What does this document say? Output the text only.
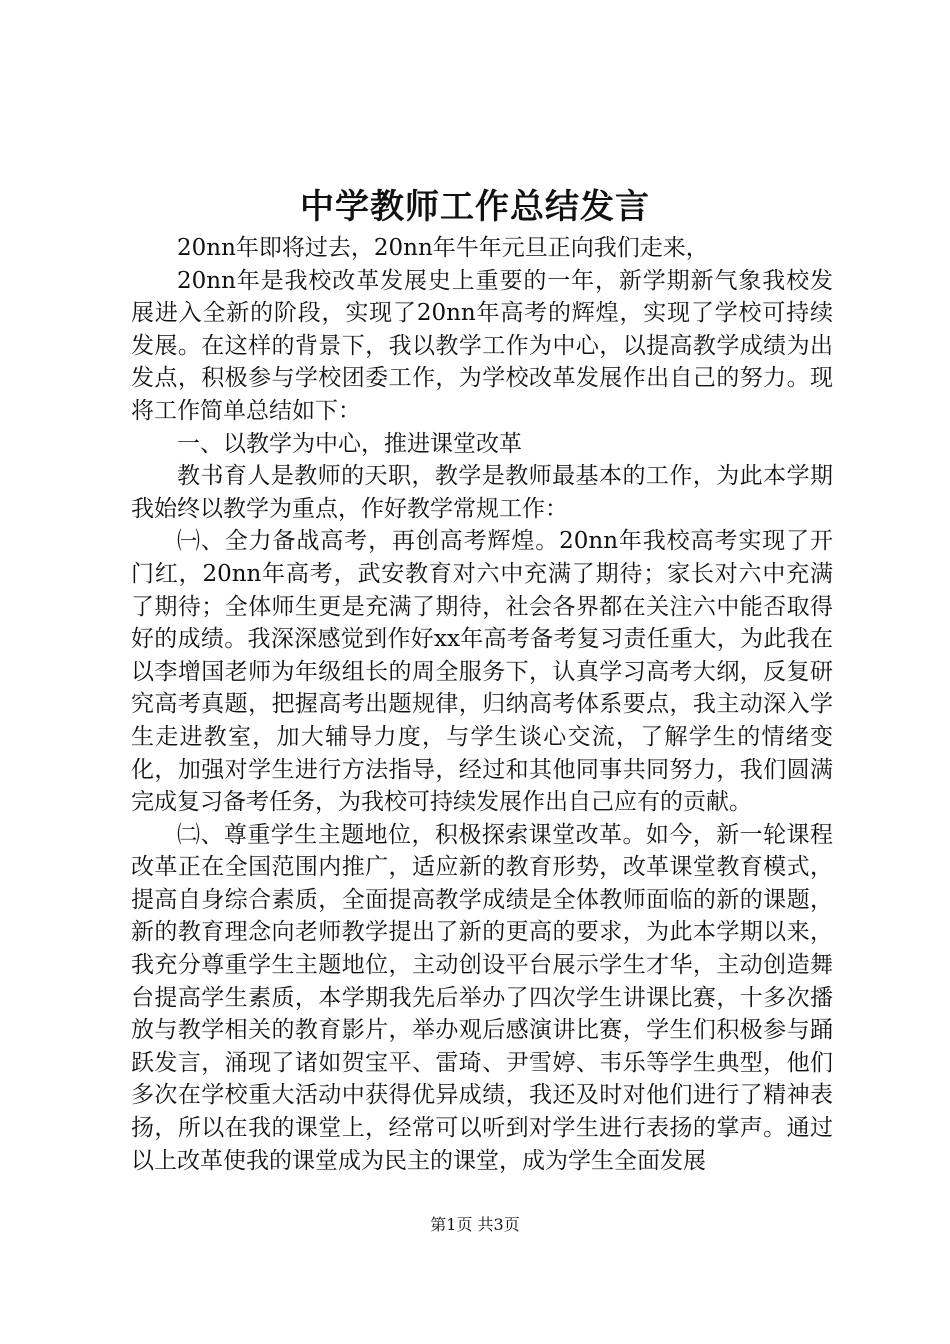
中学教师工作总结发言

20nn年即将过去，20nn年牛年元旦正向我们走来，

20nn年是我校改革发展史上重要的一年，新学期新气象我校发展进入全新的阶段，实现了20nn年高考的辉煌，实现了学校可持续发展。在这样的背景下，我以教学工作为中心，以提高教学成绩为出发点，积极参与学校团委工作，为学校改革发展作出自己的努力。现将工作简单总结如下：

一、以教学为中心，推进课堂改革

教书育人是教师的天职，教学是教师最基本的工作，为此本学期我始终以教学为重点，作好教学常规工作：

㈠、全力备战高考，再创高考辉煌。20nn年我校高考实现了开门红，20nn年高考，武安教育对六中充满了期待；家长对六中充满了期待；全体师生更是充满了期待，社会各界都在关注六中能否取得好的成绩。我深深感觉到作好xx年高考备考复习责任重大，为此我在以李增国老师为年级组长的周全服务下，认真学习高考大纲，反复研究高考真题，把握高考出题规律，归纳高考体系要点，我主动深入学生走进教室，加大辅导力度，与学生谈心交流，了解学生的情绪变化，加强对学生进行方法指导，经过和其他同事共同努力，我们圆满完成复习备考任务，为我校可持续发展作出自己应有的贡献。

㈡、尊重学生主题地位，积极探索课堂改革。如今，新一轮课程改革正在全国范围内推广，适应新的教育形势，改革课堂教育模式，提高自身综合素质，全面提高教学成绩是全体教师面临的新的课题，新的教育理念向老师教学提出了新的更高的要求，为此本学期以来，我充分尊重学生主题地位，主动创设平台展示学生才华，主动创造舞台提高学生素质，本学期我先后举办了四次学生讲课比赛，十多次播放与教学相关的教育影片，举办观后感演讲比赛，学生们积极参与踊跃发言，涌现了诸如贺宝平、雷琦、尹雪婷、韦乐等学生典型，他们多次在学校重大活动中获得优异成绩，我还及时对他们进行了精神表扬，所以在我的课堂上，经常可以听到对学生进行表扬的掌声。通过以上改革使我的课堂成为民主的课堂，成为学生全面发展

第1页 共3页
